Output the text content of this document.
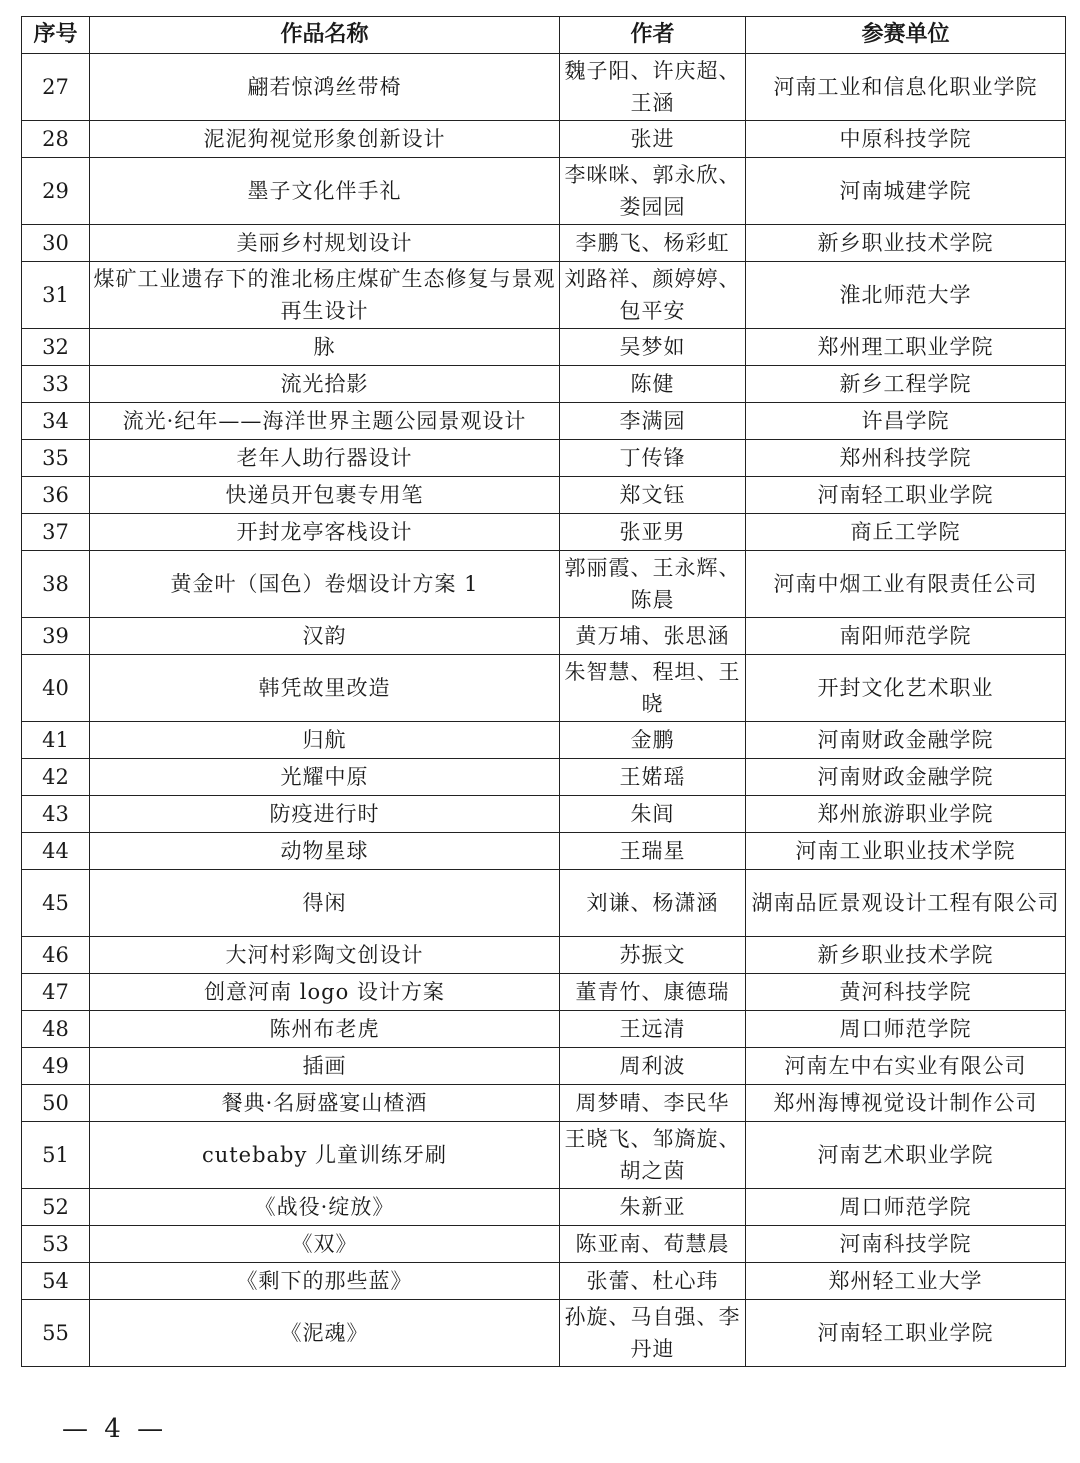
序号	作品名称	作者	参赛单位
27	翩若惊鸿丝带椅	魏子阳、许庆超、王涵	河南工业和信息化职业学院
28	泥泥狗视觉形象创新设计	张进	中原科技学院
29	墨子文化伴手礼	李咪咪、郭永欣、娄园园	河南城建学院
30	美丽乡村规划设计	李鹏飞、杨彩虹	新乡职业技术学院
31	煤矿工业遗存下的淮北杨庄煤矿生态修复与景观再生设计	刘路祥、颜婷婷、包平安	淮北师范大学
32	脉	吴梦如	郑州理工职业学院
33	流光拾影	陈健	新乡工程学院
34	流光·纪年——海洋世界主题公园景观设计	李满园	许昌学院
35	老年人助行器设计	丁传锋	郑州科技学院
36	快递员开包裹专用笔	郑文钰	河南轻工职业学院
37	开封龙亭客栈设计	张亚男	商丘工学院
38	黄金叶（国色）卷烟设计方案 1	郭丽霞、王永辉、陈晨	河南中烟工业有限责任公司
39	汉韵	黄万埔、张思涵	南阳师范学院
40	韩凭故里改造	朱智慧、程坦、王晓	开封文化艺术职业
41	归航	金鹏	河南财政金融学院
42	光耀中原	王婼瑶	河南财政金融学院
43	防疫进行时	朱闾	郑州旅游职业学院
44	动物星球	王瑞星	河南工业职业技术学院
45	得闲	刘谦、杨潇涵	湖南品匠景观设计工程有限公司
46	大河村彩陶文创设计	苏振文	新乡职业技术学院
47	创意河南 logo 设计方案	董青竹、康德瑞	黄河科技学院
48	陈州布老虎	王远清	周口师范学院
49	插画	周利波	河南左中右实业有限公司
50	餐典·名厨盛宴山楂酒	周梦晴、李民华	郑州海博视觉设计制作公司
51	cutebaby 儿童训练牙刷	王晓飞、邹旖旋、胡之茵	河南艺术职业学院
52	《战役·绽放》	朱新亚	周口师范学院
53	《双》	陈亚南、荀慧晨	河南科技学院
54	《剩下的那些蓝》	张蕾、杜心玮	郑州轻工业大学
55	《泥魂》	孙旋、马自强、李丹迪	河南轻工职业学院
— 4 —
